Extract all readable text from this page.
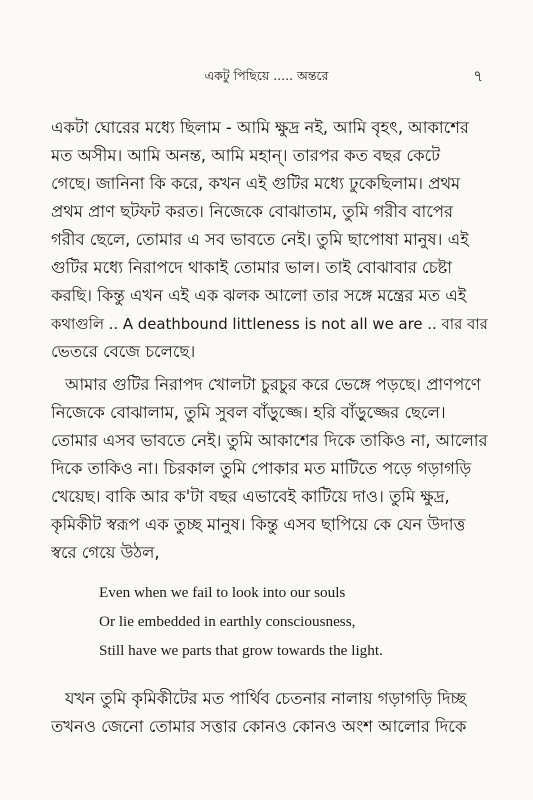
একটু পিছিয়ে ..... অন্তরে	৭
একটা ঘোরের মধ্যে ছিলাম - আমি ক্ষুদ্র নই, আমি বৃহৎ, আকাশের
মত অসীম। আমি অনন্ত, আমি মহান্। তারপর কত বছর কেটে
গেছে। জানিনা কি করে, কখন এই গুটির মধ্যে ঢুকেছিলাম। প্রথম
প্রথম প্রাণ ছটফট করত। নিজেকে বোঝাতাম, তুমি গরীব বাপের
গরীব ছেলে, তোমার এ সব ভাবতে নেই। তুমি ছাপোষা মানুষ। এই
গুটির মধ্যে নিরাপদে থাকাই তোমার ভাল। তাই বোঝাবার চেষ্টা
করছি। কিন্তু এখন এই এক ঝলক আলো তার সঙ্গে মন্ত্রের মত এই
কথাগুলি .. A deathbound littleness is not all we are .. বার বার
ভেতরে বেজে চলেছে।
আমার গুটির নিরাপদ খোলটা চুরচুর করে ভেঙ্গে পড়ছে। প্রাণপণে
নিজেকে বোঝালাম, তুমি সুবল বাঁড়ুজ্জে। হরি বাঁড়ুজ্জের ছেলে।
তোমার এসব ভাবতে নেই। তুমি আকাশের দিকে তাকিও না, আলোর
দিকে তাকিও না। চিরকাল তুমি পোকার মত মাটিতে পড়ে গড়াগড়ি
খেয়েছ। বাকি আর ক'টা বছর এভাবেই কাটিয়ে দাও। তুমি ক্ষুদ্র,
কৃমিকীট স্বরূপ এক তুচ্ছ মানুষ। কিন্তু এসব ছাপিয়ে কে যেন উদাত্ত
স্বরে গেয়ে উঠল,
Even when we fail to look into our souls
Or lie embedded in earthly consciousness,
Still have we parts that grow towards the light.
যখন তুমি কৃমিকীটের মত পার্থিব চেতনার নালায় গড়াগড়ি দিচ্ছ
তখনও জেনো তোমার সত্তার কোনও কোনও অংশ আলোর দিকে
